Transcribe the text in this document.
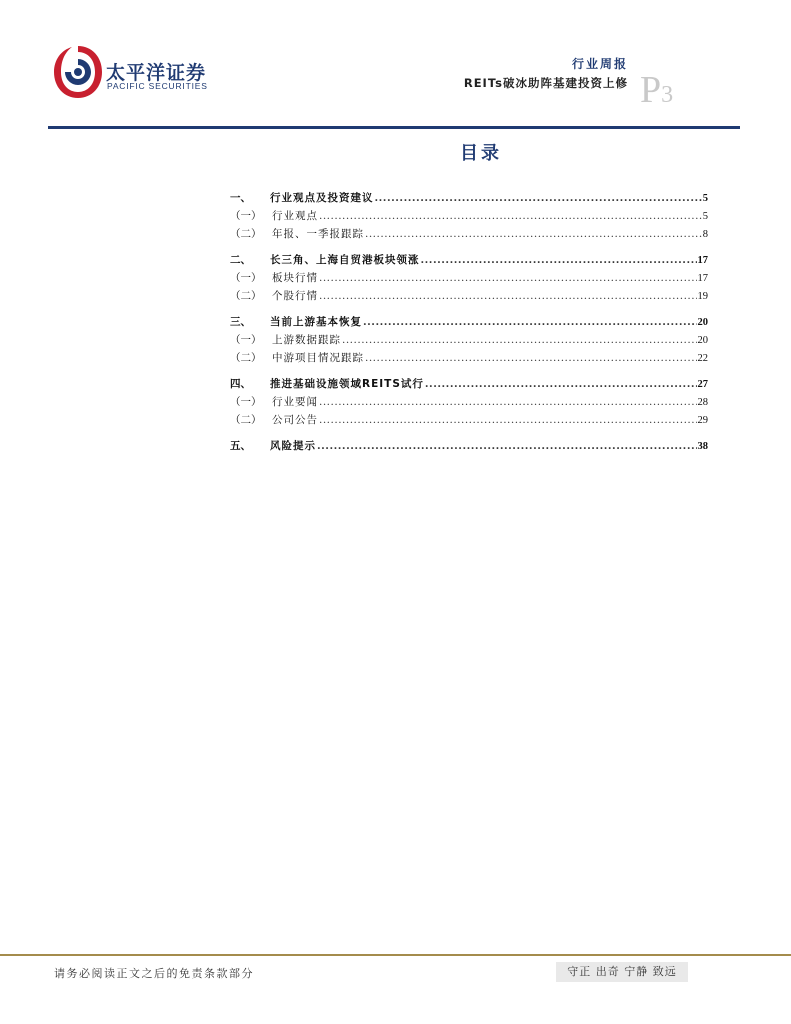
太平洋证券
PACIFIC SECURITIES
行业周报
REITs破冰助阵基建投资上修 P3
目录
一、	行业观点及投资建议 .....	5
（一）	行业观点 .....	5
（二）	年报、一季报跟踪 .....	8
二、	长三角、上海自贸港板块领涨 .....	17
（一）	板块行情 .....	17
（二）	个股行情 .....	19
三、	当前上游基本恢复 .....	20
（一）	上游数据跟踪 .....	20
（二）	中游项目情况跟踪 .....	22
四、	推进基础设施领域REITS试行 .....	27
（一）	行业要闻 .....	28
（二）	公司公告 .....	29
五、	风险提示 .....	38
请务必阅读正文之后的免责条款部分	守正 出奇 宁静 致远
